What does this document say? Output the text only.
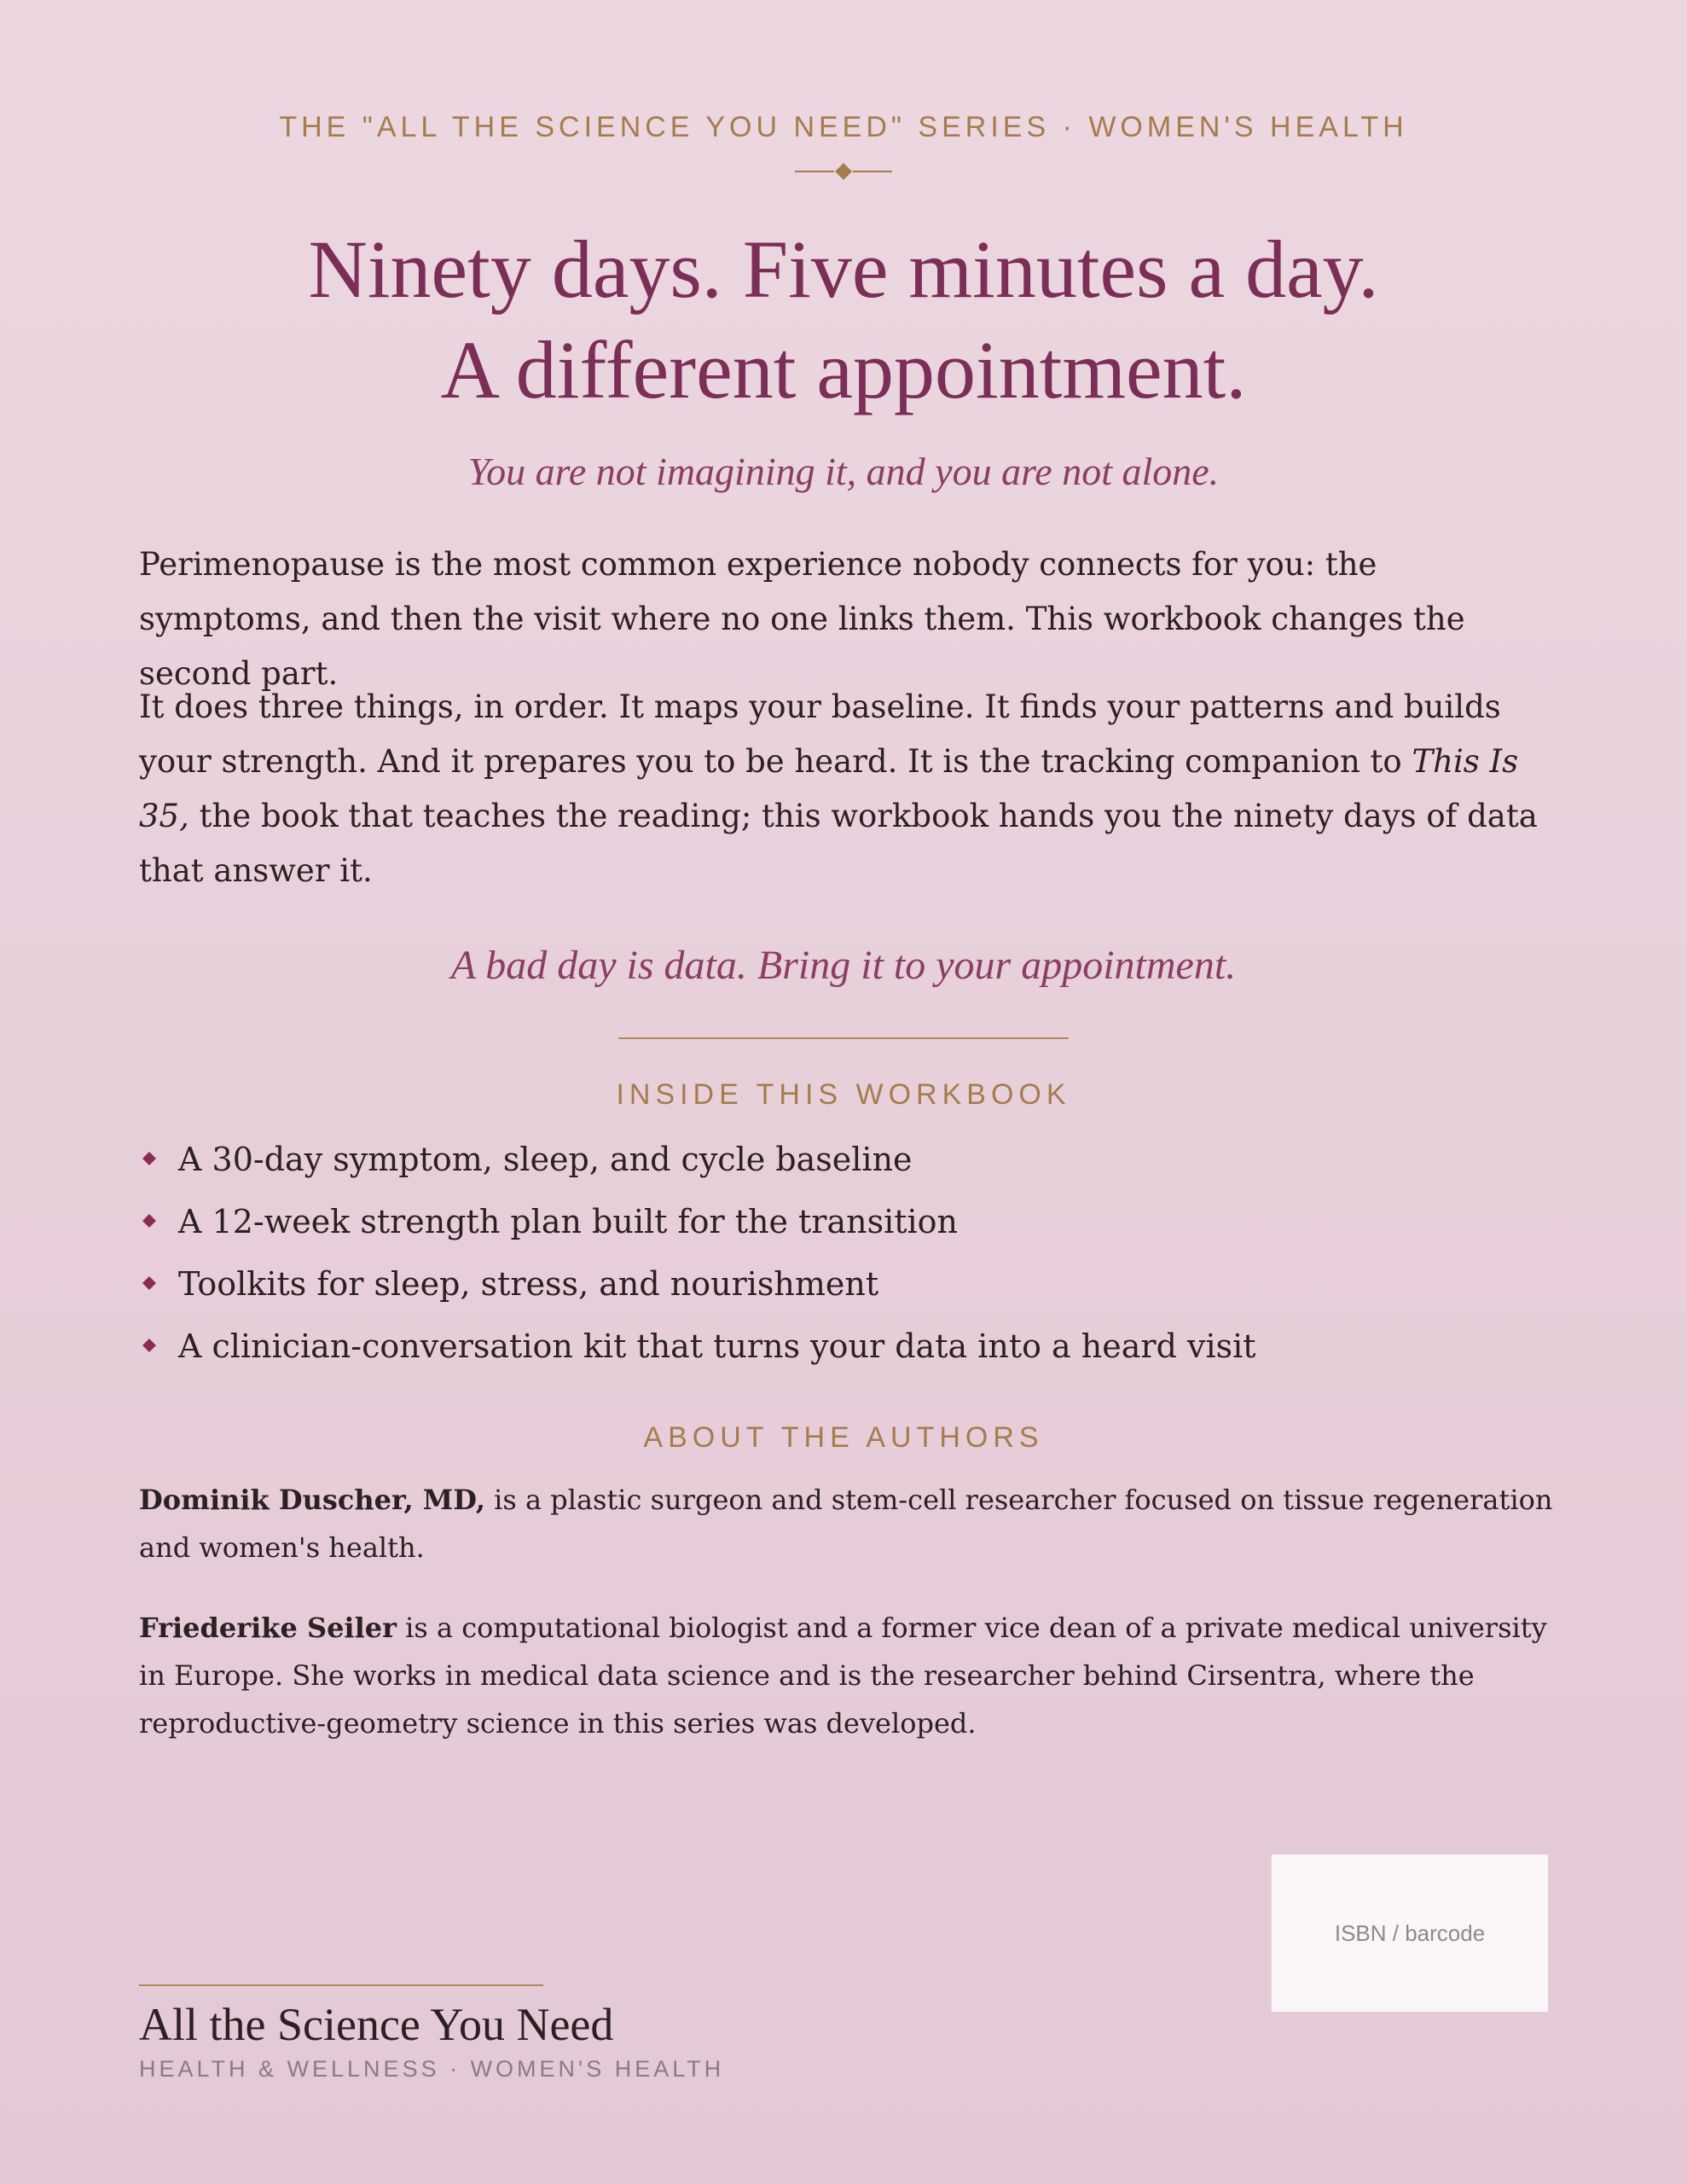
THE "ALL THE SCIENCE YOU NEED" SERIES · WOMEN'S HEALTH
Ninety days. Five minutes a day.
A different appointment.
You are not imagining it, and you are not alone.
Perimenopause is the most common experience nobody connects for you: the symptoms, and then the visit where no one links them. This workbook changes the second part.
It does three things, in order. It maps your baseline. It finds your patterns and builds your strength. And it prepares you to be heard. It is the tracking companion to This Is 35, the book that teaches the reading; this workbook hands you the ninety days of data that answer it.
A bad day is data. Bring it to your appointment.
INSIDE THIS WORKBOOK
A 30-day symptom, sleep, and cycle baseline
A 12-week strength plan built for the transition
Toolkits for sleep, stress, and nourishment
A clinician-conversation kit that turns your data into a heard visit
ABOUT THE AUTHORS
Dominik Duscher, MD, is a plastic surgeon and stem-cell researcher focused on tissue regeneration and women's health.
Friederike Seiler is a computational biologist and a former vice dean of a private medical university in Europe. She works in medical data science and is the researcher behind Cirsentra, where the reproductive-geometry science in this series was developed.
ISBN / barcode
All the Science You Need
HEALTH & WELLNESS · WOMEN'S HEALTH
